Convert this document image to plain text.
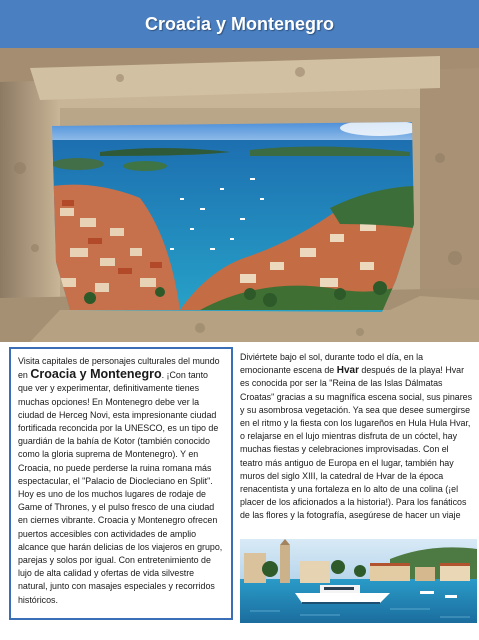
Croacia y Montenegro
Visita capitales de personajes culturales del mundo en Croacia y Montenegro. ¡Con tanto que ver y experimentar, definitivamente tienes muchas opciones! En Montenegro debe ver la ciudad de Herceg Novi, esta impresionante ciudad fortificada reconcida por la UNESCO, es un tipo de guardián de la bahía de Kotor (también conocido como la gloria suprema de Montenegro). Y en Croacia, no puede perderse la ruina romana más espectacular, el "Palacio de Diocleciano en Split". Hoy es uno de los muchos lugares de rodaje de Game of Thrones, y el pulso fresco de una ciudad en ciernes vibrante. Croacia y Montenegro ofrecen puertos accesibles con actividades de amplio alcance que harán delicias de los viajeros en grupo, parejas y solos por igual. Con entretenimiento de lujo de alta calidad y ofertas de vida silvestre natural, junto con masajes especiales y recorridos históricos.
Diviértete bajo el sol, durante todo el día, en la emocionante escena de Hvar después de la playa! Hvar es conocida por ser la "Reina de las Islas Dálmatas Croatas" gracias a su magnífica escena social, sus pinares y su asombrosa vegetación. Ya sea que desee sumergirse en el ritmo y la fiesta con los lugareños en Hula Hula Hvar, o relajarse en el lujo mientras disfruta de un cóctel, hay muchas fiestas y celebraciones improvisadas. Con el teatro más antiguo de Europa en el lugar, también hay muros del siglo XIII, la catedral de Hvar de la época renacentista y una fortaleza en lo alto de una colina (¡el placer de los aficionados a la historia!). Para los fanáticos de las flores y la fotografía, asegúrese de hacer un viaje
